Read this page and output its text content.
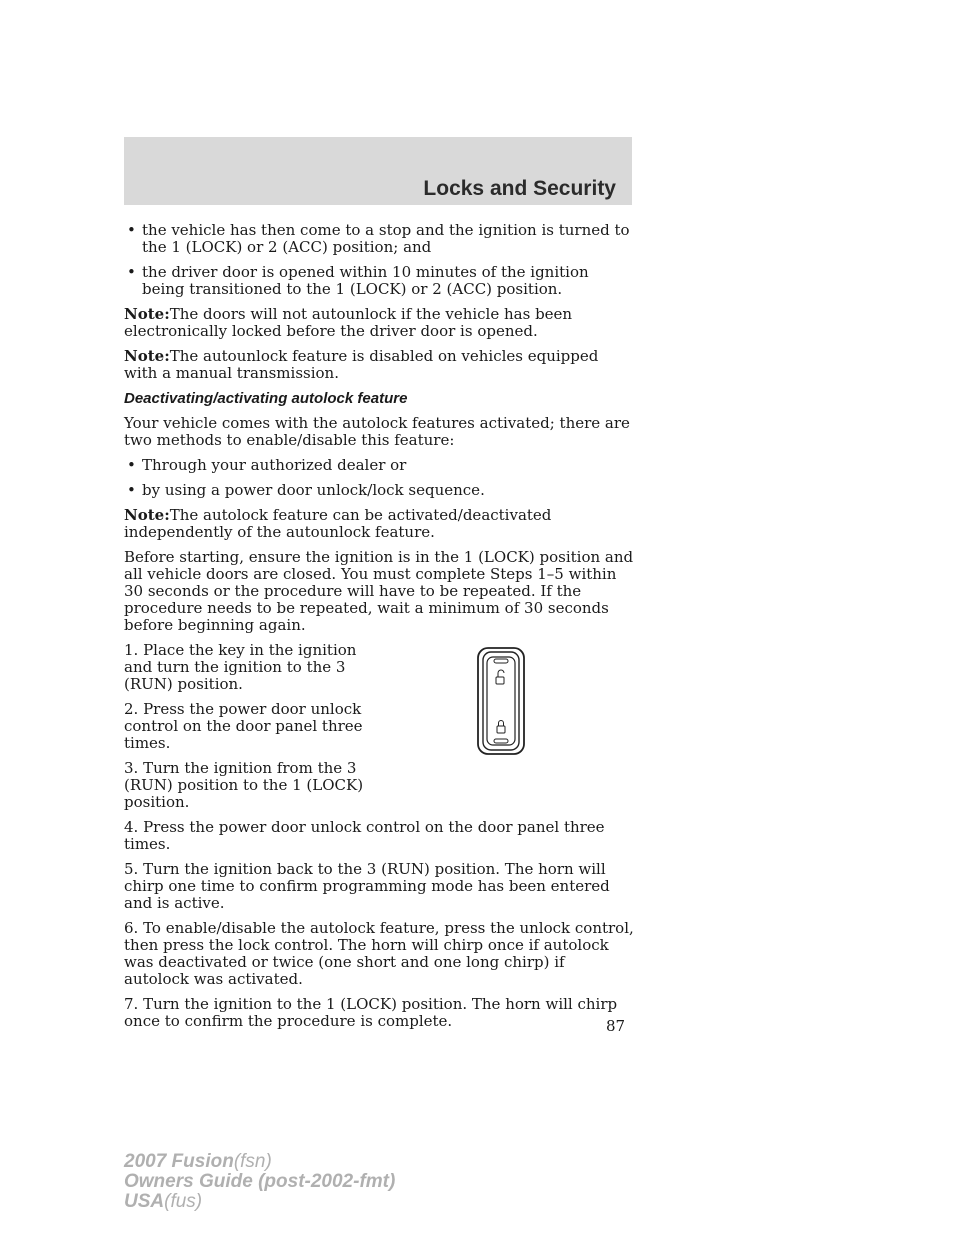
Locks and Security
• the vehicle has then come to a stop and the ignition is turned to the 1 (LOCK) or 2 (ACC) position; and
• the driver door is opened within 10 minutes of the ignition being transitioned to the 1 (LOCK) or 2 (ACC) position.

Note:The doors will not autounlock if the vehicle has been electronically locked before the driver door is opened.

Note:The autounlock feature is disabled on vehicles equipped with a manual transmission.

Deactivating/activating autolock feature

Your vehicle comes with the autolock features activated; there are two methods to enable/disable this feature:

• Through your authorized dealer or
• by using a power door unlock/lock sequence.

Note:The autolock feature can be activated/deactivated independently of the autounlock feature.

Before starting, ensure the ignition is in the 1 (LOCK) position and all vehicle doors are closed. You must complete Steps 1–5 within 30 seconds or the procedure will have to be repeated. If the procedure needs to be repeated, wait a minimum of 30 seconds before beginning again.

1. Place the key in the ignition and turn the ignition to the 3 (RUN) position.

2. Press the power door unlock control on the door panel three times.

3. Turn the ignition from the 3 (RUN) position to the 1 (LOCK) position.

4. Press the power door unlock control on the door panel three times.

5. Turn the ignition back to the 3 (RUN) position. The horn will chirp one time to confirm programming mode has been entered and is active.

6. To enable/disable the autolock feature, press the unlock control, then press the lock control. The horn will chirp once if autolock was deactivated or twice (one short and one long chirp) if autolock was activated.

7. Turn the ignition to the 1 (LOCK) position. The horn will chirp once to confirm the procedure is complete.	87
2007 Fusion(fsn)
Owners Guide (post-2002-fmt)
USA(fus)
